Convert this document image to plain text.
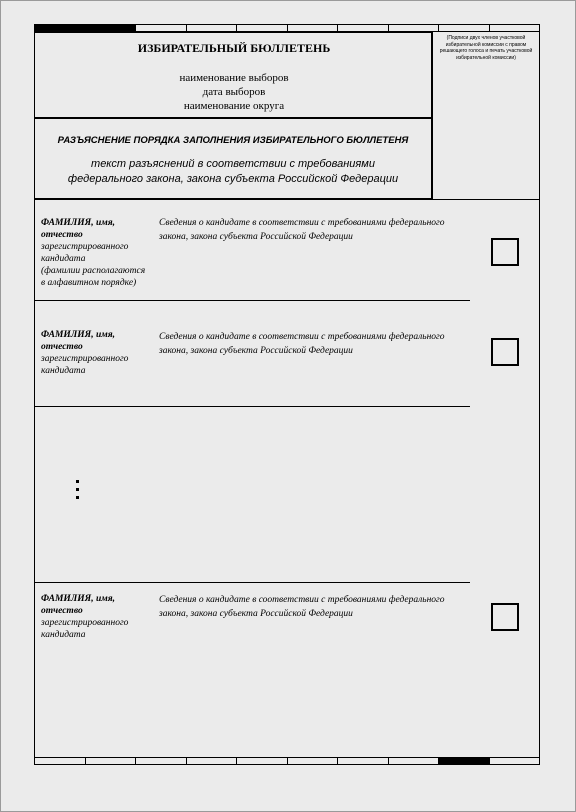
ИЗБИРАТЕЛЬНЫЙ БЮЛЛЕТЕНЬ
наименование выборов
дата выборов
наименование округа
(Подписи двух членов участковой избирательной комиссии с правом решающего голоса и печать участковой избирательной комиссии)
РАЗЪЯСНЕНИЕ ПОРЯДКА ЗАПОЛНЕНИЯ ИЗБИРАТЕЛЬНОГО БЮЛЛЕТЕНЯ
текст разъяснений в соответствии с требованиями
федерального закона, закона субъекта Российской Федерации
ФАМИЛИЯ, имя,
отчество
зарегистрированного
кандидата
(фамилии располагаются
в алфавитном порядке)
Сведения о кандидате в соответствии с требованиями федерального
закона, закона субъекта Российской Федерации
ФАМИЛИЯ, имя,
отчество
зарегистрированного
кандидата
Сведения о кандидате в соответствии с требованиями федерального
закона, закона субъекта Российской Федерации
ФАМИЛИЯ, имя,
отчество
зарегистрированного
кандидата
Сведения о кандидате в соответствии с требованиями федерального
закона, закона субъекта Российской Федерации
